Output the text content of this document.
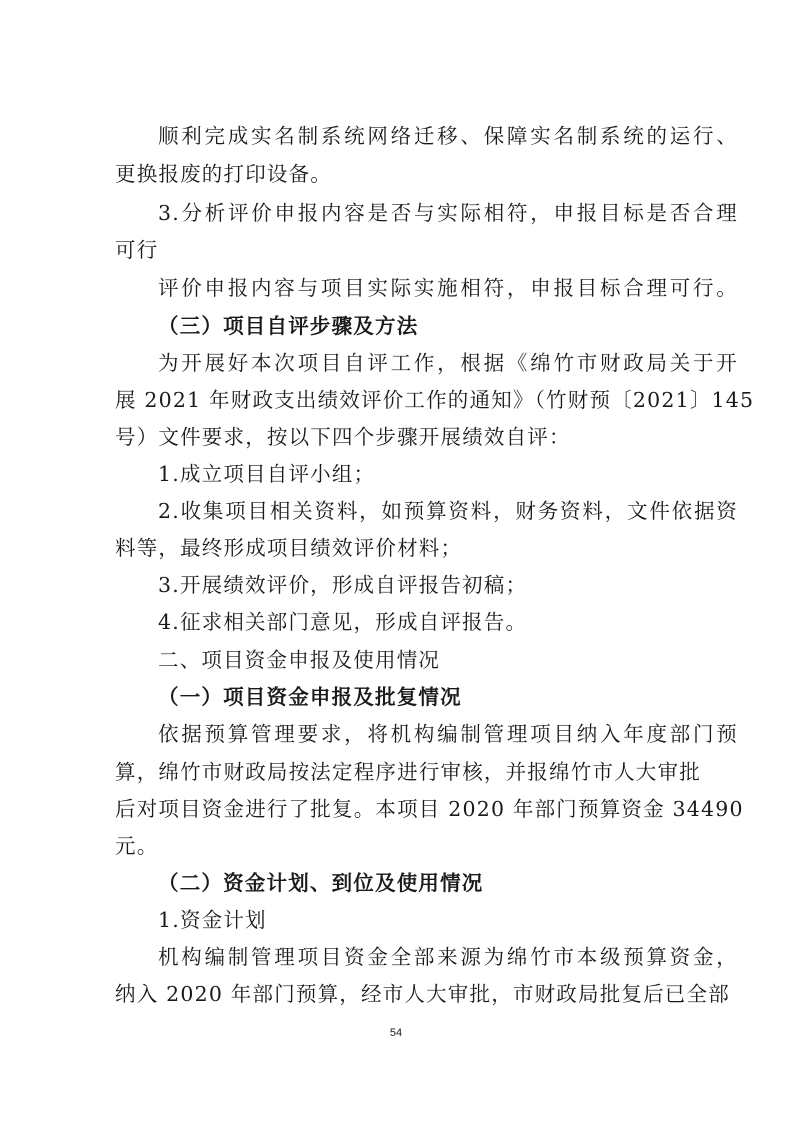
顺利完成实名制系统网络迁移、保障实名制系统的运行、
更换报废的打印设备。
3.分析评价申报内容是否与实际相符，申报目标是否合理
可行
评价申报内容与项目实际实施相符，申报目标合理可行。
（三）项目自评步骤及方法
为开展好本次项目自评工作，根据《绵竹市财政局关于开
展 2021 年财政支出绩效评价工作的通知》（竹财预〔2021〕145
号）文件要求，按以下四个步骤开展绩效自评：
1.成立项目自评小组；
2.收集项目相关资料，如预算资料，财务资料，文件依据资
料等，最终形成项目绩效评价材料；
3.开展绩效评价，形成自评报告初稿；
4.征求相关部门意见，形成自评报告。
二、项目资金申报及使用情况
（一）项目资金申报及批复情况
依据预算管理要求，将机构编制管理项目纳入年度部门预
算，绵竹市财政局按法定程序进行审核，并报绵竹市人大审批
后对项目资金进行了批复。本项目 2020 年部门预算资金 34490
元。
（二）资金计划、到位及使用情况
1.资金计划
机构编制管理项目资金全部来源为绵竹市本级预算资金，
纳入 2020 年部门预算，经市人大审批，市财政局批复后已全部
54
